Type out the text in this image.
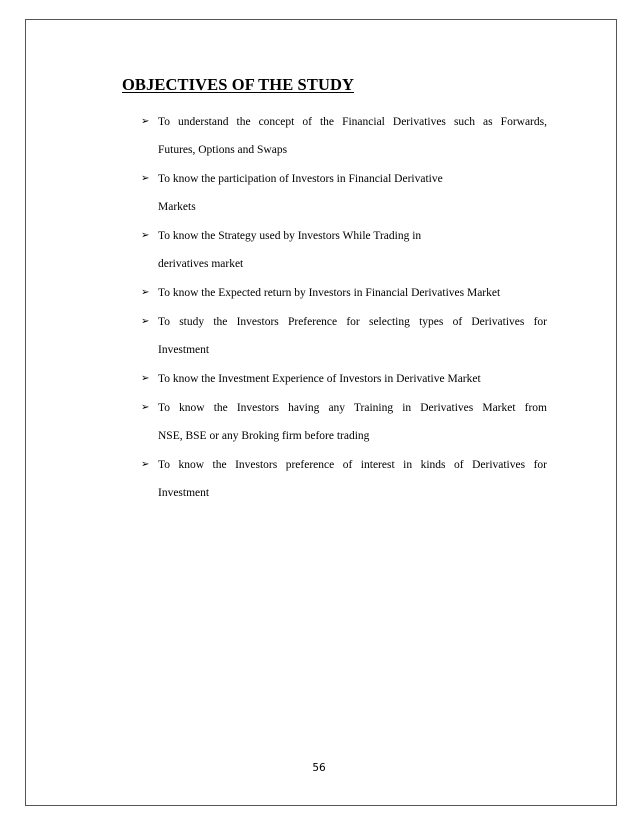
OBJECTIVES OF THE STUDY
➢ To understand the concept of the Financial Derivatives such as Forwards,
Futures, Options and Swaps
➢ To know the participation of Investors in Financial Derivative
Markets
➢ To know the Strategy used by Investors While Trading in
derivatives market
➢ To know the Expected return by Investors in Financial Derivatives Market
➢ To study the Investors Preference for selecting types of Derivatives for
Investment
➢ To know the Investment Experience of Investors in Derivative Market
➢ To know the Investors having any Training in Derivatives Market from
NSE, BSE or any Broking firm before trading
➢ To know the Investors preference of interest in kinds of Derivatives for
Investment
56
